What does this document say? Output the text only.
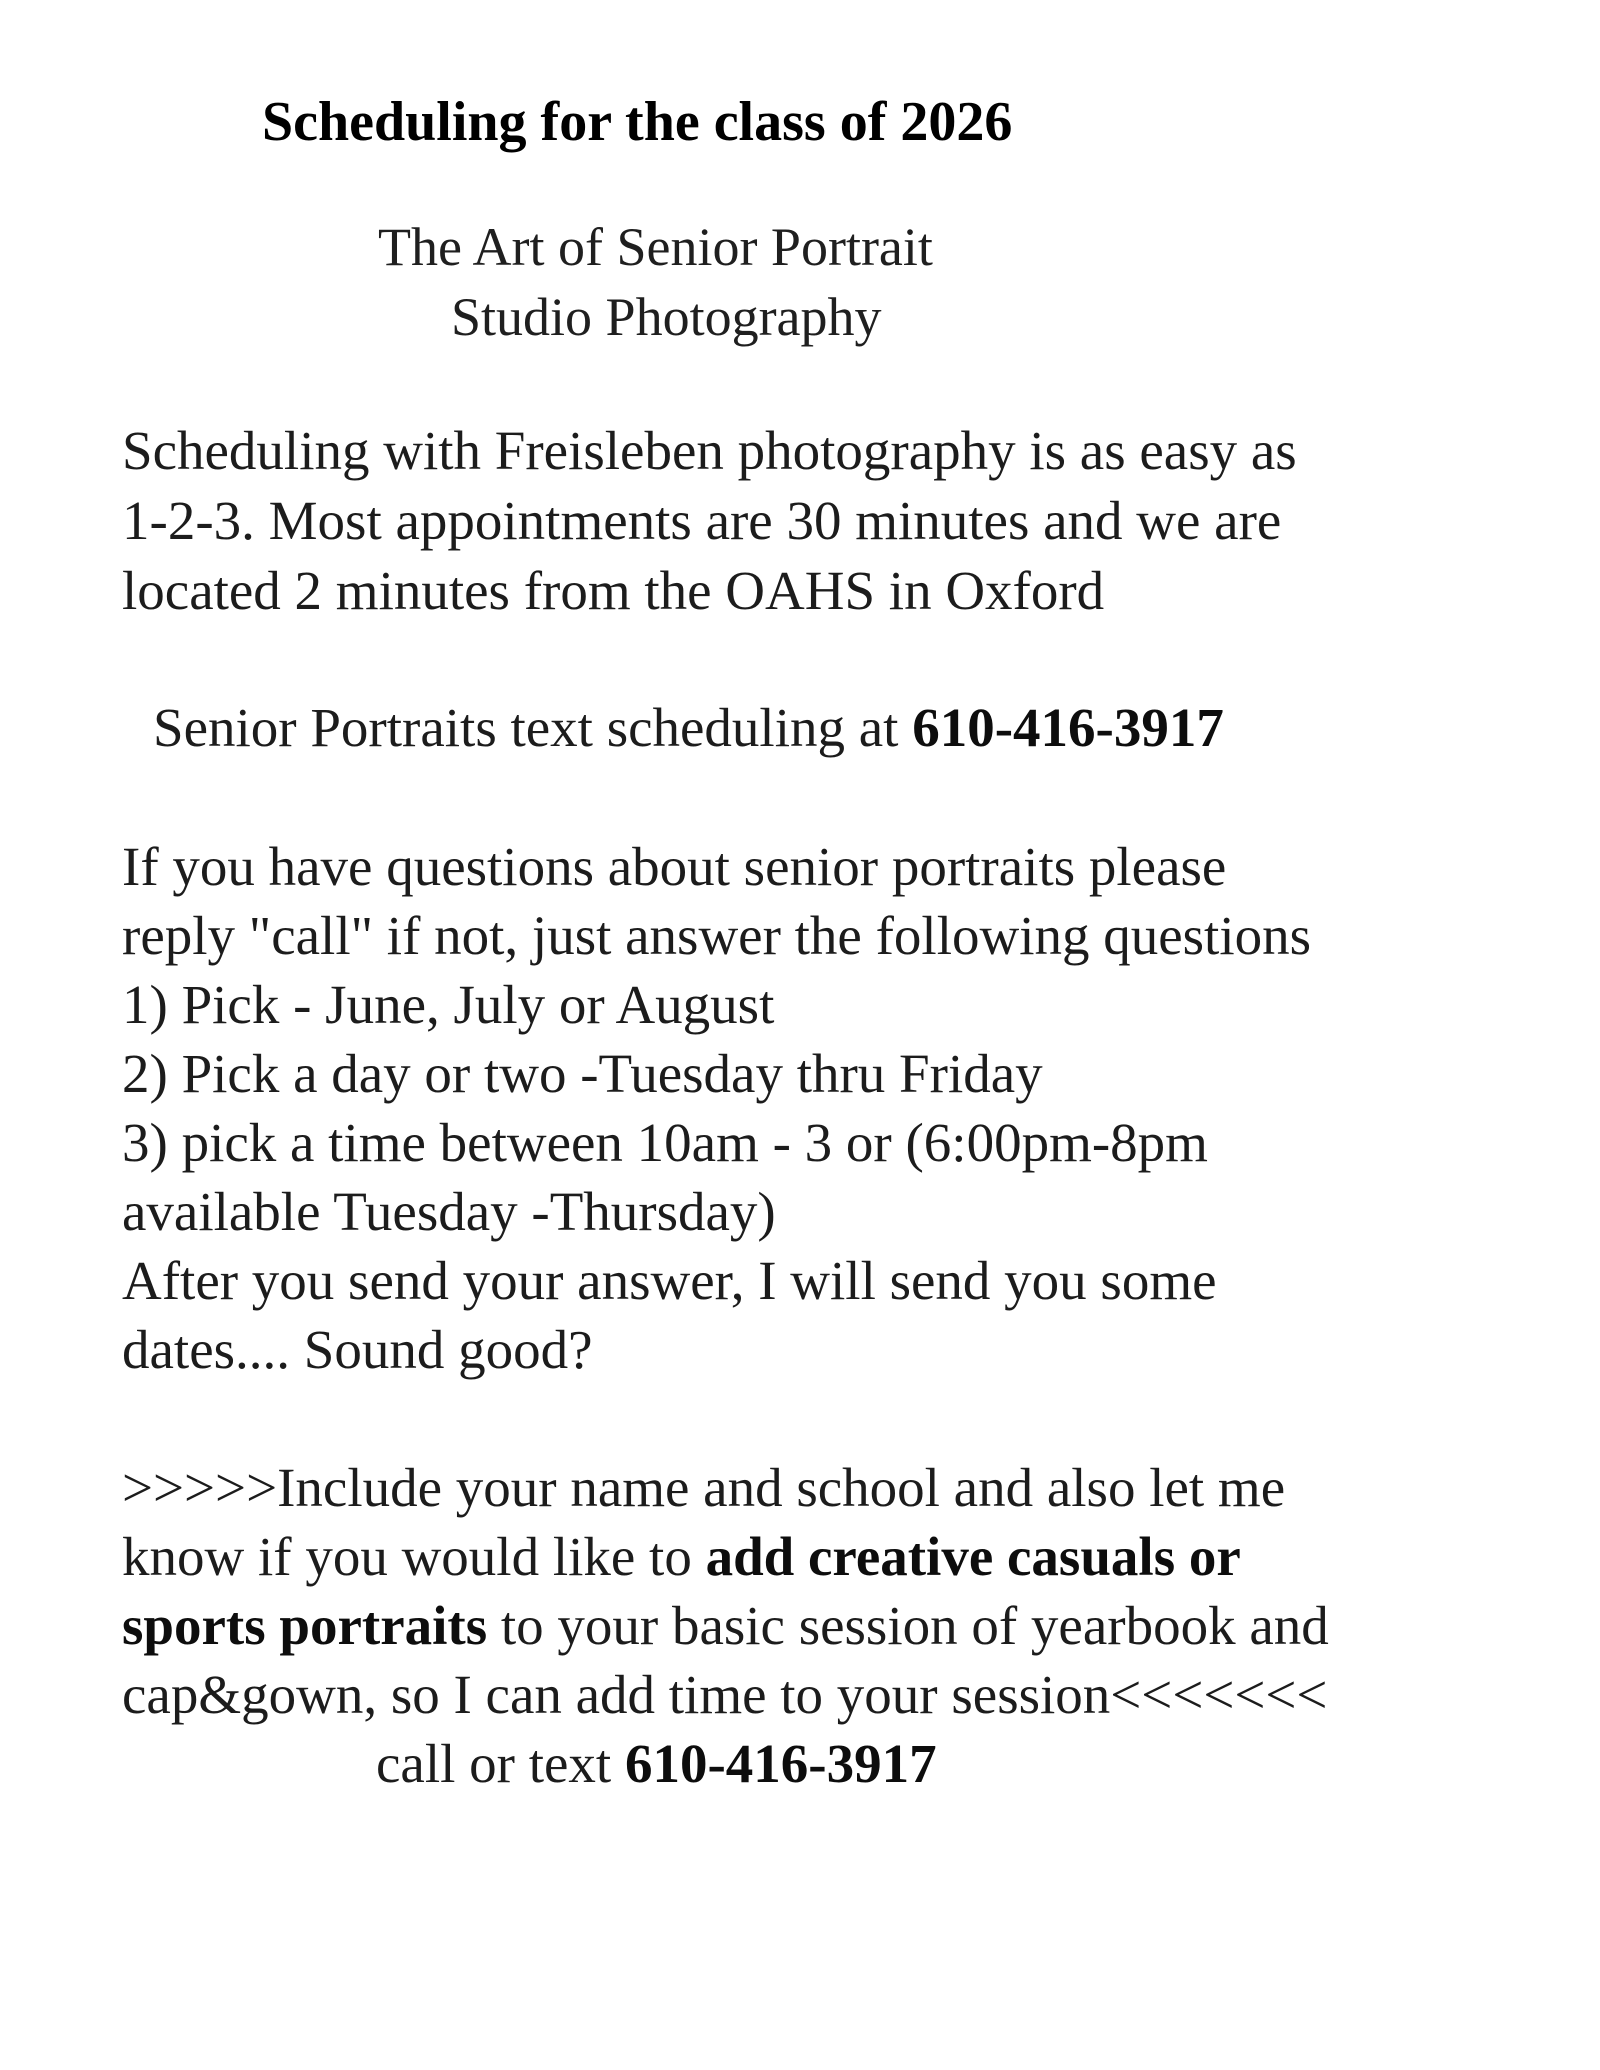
Scheduling for the class of 2026

The Art of Senior Portrait

Studio Photography

Scheduling with Freisleben photography is as easy as

1-2-3. Most appointments are 30 minutes and we are

located 2 minutes from the OAHS in Oxford

Senior Portraits text scheduling at 610-416-3917

If you have questions about senior portraits please

reply "call" if not, just answer the following questions

1) Pick - June, July or August

2) Pick a day or two -Tuesday thru Friday

3) pick a time between 10am - 3 or (6:00pm-8pm

available Tuesday -Thursday)

After you send your answer, I will send you some

dates.... Sound good?

>>>>>Include your name and school and also let me

know if you would like to add creative casuals or

sports portraits to your basic session of yearbook and

cap&gown, so I can add time to your session<<<<<<<

call or text 610-416-3917
